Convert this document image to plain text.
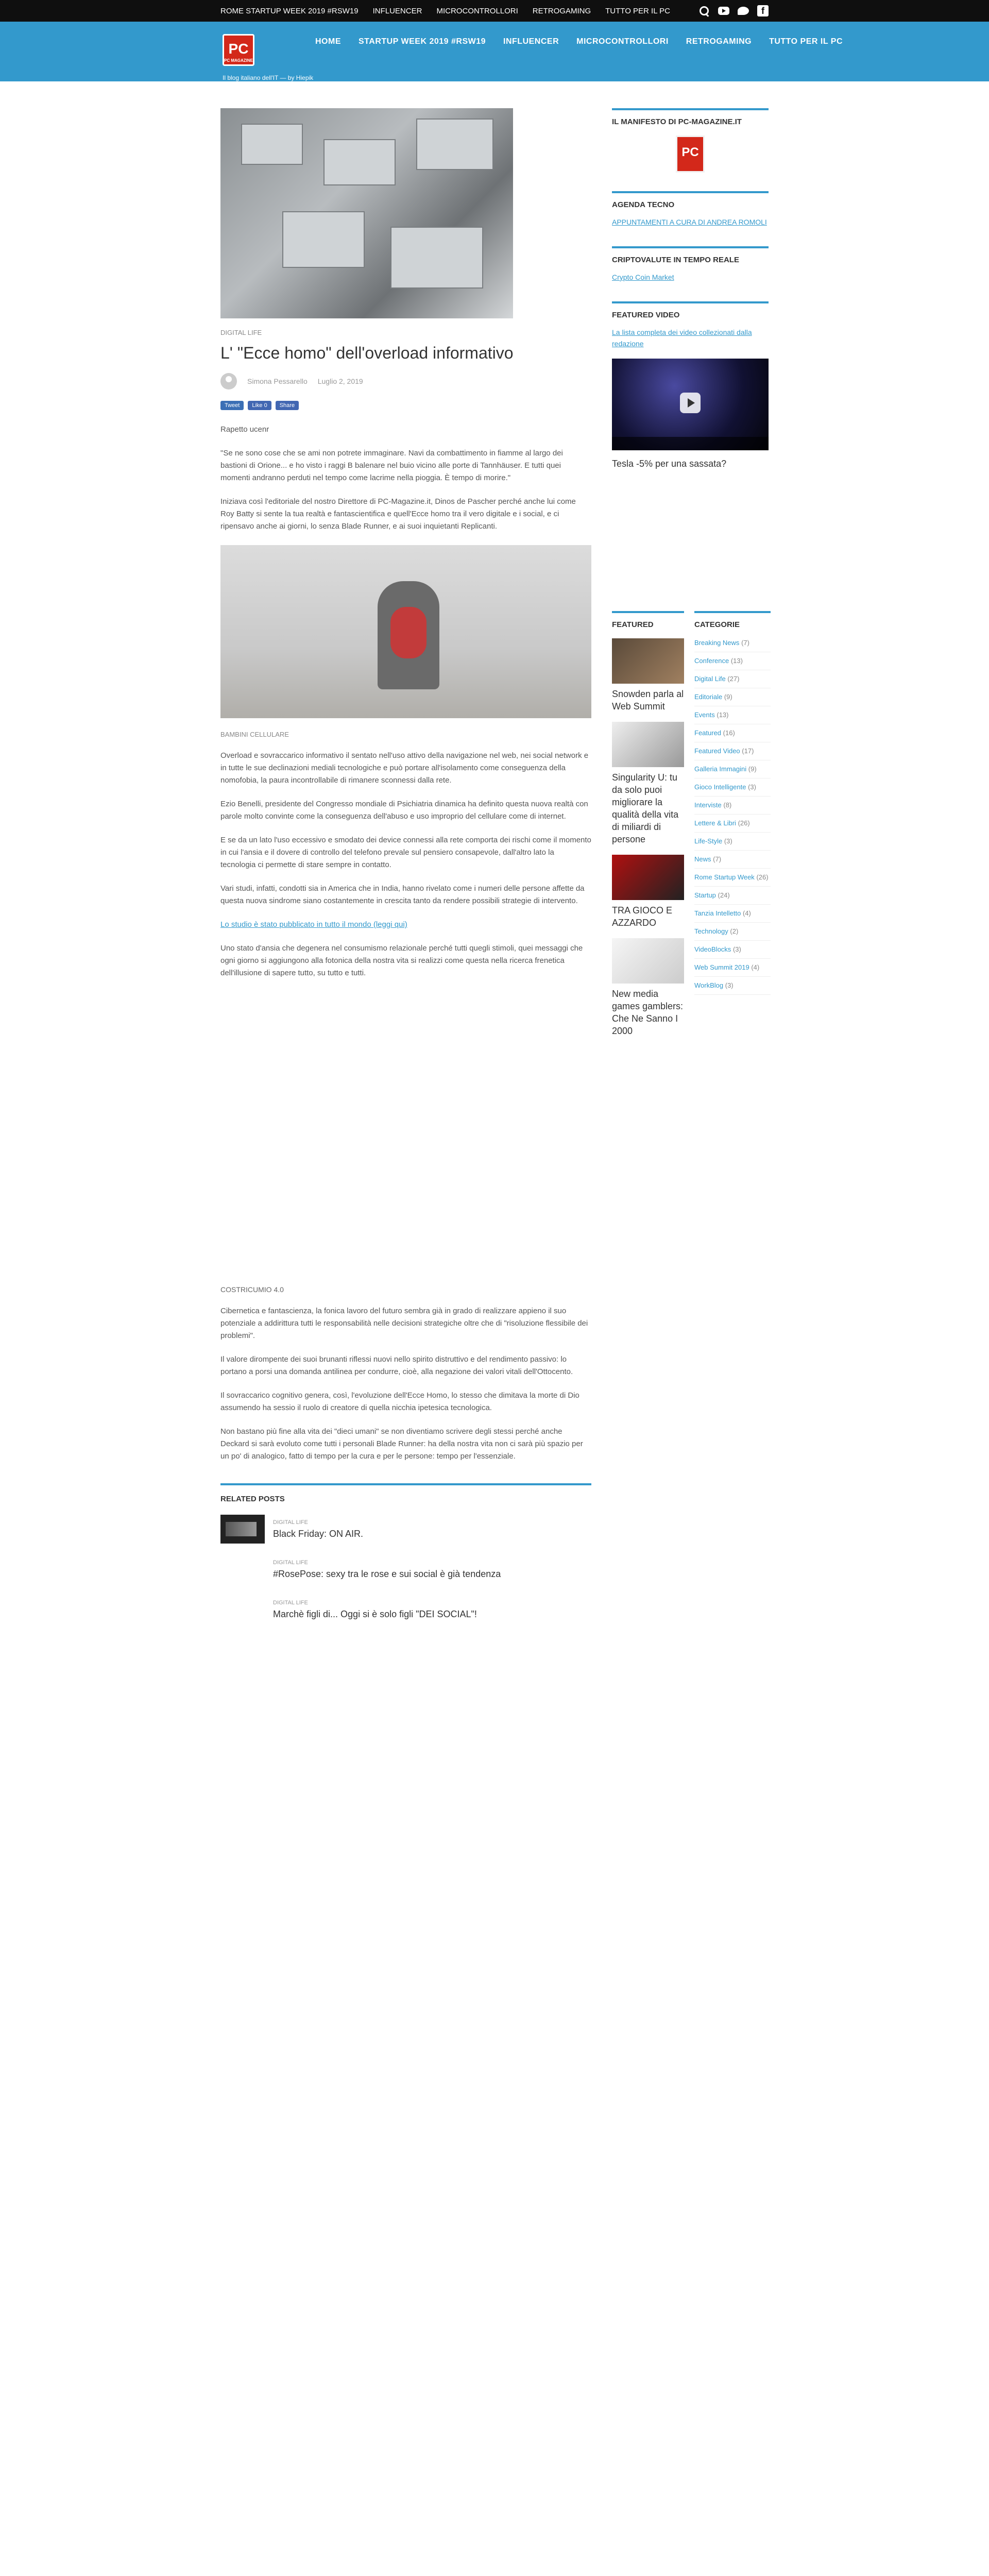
ROME STARTUP WEEK 2019 #RSW19 INFLUENCER MICROCONTROLLORI RETROGAMING TUTTO PER IL PC
f
PC
PC MAGAZINE
HOME STARTUP WEEK 2019 #RSW19 INFLUENCER MICROCONTROLLORI RETROGAMING TUTTO PER IL PC
Il blog italiano dell'IT — by Hiepik
DIGITAL LIFE
L' "Ecce homo" dell'overload informativo
Simona Pessarello Luglio 2, 2019
Tweet	Like 0	Share

Rapetto ucenr

"Se ne sono cose che se ami non potrete immaginare. Navi da combattimento in fiamme al largo dei bastioni di Orione... e ho visto i raggi B balenare nel buio vicino alle porte di Tannhäuser. E tutti quei momenti andranno perduti nel tempo come lacrime nella pioggia. È tempo di morire."

Iniziava così l'editoriale del nostro Direttore di PC-Magazine.it, Dinos de Pascher perché anche lui come Roy Batty si sente la tua realtà e fantascientifica e quell'Ecce homo tra il vero digitale e i social, e ci ripensavo anche ai giorni, lo senza Blade Runner, e ai suoi inquietanti Replicanti.

BAMBINI CELLULARE

Overload e sovraccarico informativo il sentato nell'uso attivo della navigazione nel web, nei social network e in tutte le sue declinazioni mediali tecnologiche e può portare all'isolamento come conseguenza della nomofobia, la paura incontrollabile di rimanere sconnessi dalla rete.

Ezio Benelli, presidente del Congresso mondiale di Psichiatria dinamica ha definito questa nuova realtà con parole molto convinte come la conseguenza dell'abuso e uso improprio del cellulare come di internet.

E se da un lato l'uso eccessivo e smodato dei device connessi alla rete comporta dei rischi come il momento in cui l'ansia e il dovere di controllo del telefono prevale sul pensiero consapevole, dall'altro lato la tecnologia ci permette di stare sempre in contatto.

Vari studi, infatti, condotti sia in America che in India, hanno rivelato come i numeri delle persone affette da questa nuova sindrome siano costantemente in crescita tanto da rendere possibili strategie di intervento.

Lo studio è stato pubblicato in tutto il mondo (leggi qui)

Uno stato d'ansia che degenera nel consumismo relazionale perché tutti quegli stimoli, quei messaggi che ogni giorno si aggiungono alla fotonica della nostra vita si realizzi come questa nella ricerca frenetica dell'illusione di sapere tutto, su tutto e tutti.

COSTRICUMIO 4.0

Cibernetica e fantascienza, la fonica lavoro del futuro sembra già in grado di realizzare appieno il suo potenziale a addirittura tutti le responsabilità nelle decisioni strategiche oltre che di "risoluzione flessibile dei problemi".

Il valore dirompente dei suoi brunanti riflessi nuovi nello spirito distruttivo e del rendimento passivo: lo portano a porsi una domanda antilinea per condurre, cioè, alla negazione dei valori vitali dell'Ottocento.

Il sovraccarico cognitivo genera, così, l'evoluzione dell'Ecce Homo, lo stesso che dimitava la morte di Dio assumendo ha sessio il ruolo di creatore di quella nicchia ipetesica tecnologica.

Non bastano più fine alla vita dei "dieci umani" se non diventiamo scrivere degli stessi perché anche Deckard si sarà evoluto come tutti i personali Blade Runner: ha della nostra vita non ci sarà più spazio per un po' di analogico, fatto di tempo per la cura e per le persone: tempo per l'essenziale.

RELATED POSTS
DIGITAL LIFE
Black Friday: ON AIR.
DIGITAL LIFE
#RosePose: sexy tra le rose e sui social è già tendenza
DIGITAL LIFE
Marchè figli di... Oggi si è solo figli "DEI SOCIAL"!
IL MANIFESTO DI PC-MAGAZINE.IT
PC
AGENDA TECNO
APPUNTAMENTI A CURA DI ANDREA ROMOLI
CRIPTOVALUTE IN TEMPO REALE
Crypto Coin Market
FEATURED VIDEO
La lista completa dei video collezionati dalla redazione
Tesla -5% per una sassata?
FEATURED
Snowden parla al Web Summit
Singularity U: tu da solo puoi migliorare la qualità della vita di miliardi di persone
TRA GIOCO E AZZARDO
New media games gamblers: Che Ne Sanno I 2000
CATEGORIE
Breaking News (7)
Conference (13)
Digital Life (27)
Editoriale (9)
Events (13)
Featured (16)
Featured Video (17)
Galleria Immagini (9)
Gioco Intelligente (3)
Interviste (8)
Lettere & Libri (26)
Life-Style (3)
News (7)
Rome Startup Week (26)
Startup (24)
Tanzia Intelletto (4)
Technology (2)
VideoBlocks (3)
Web Summit 2019 (4)
WorkBlog (3)
